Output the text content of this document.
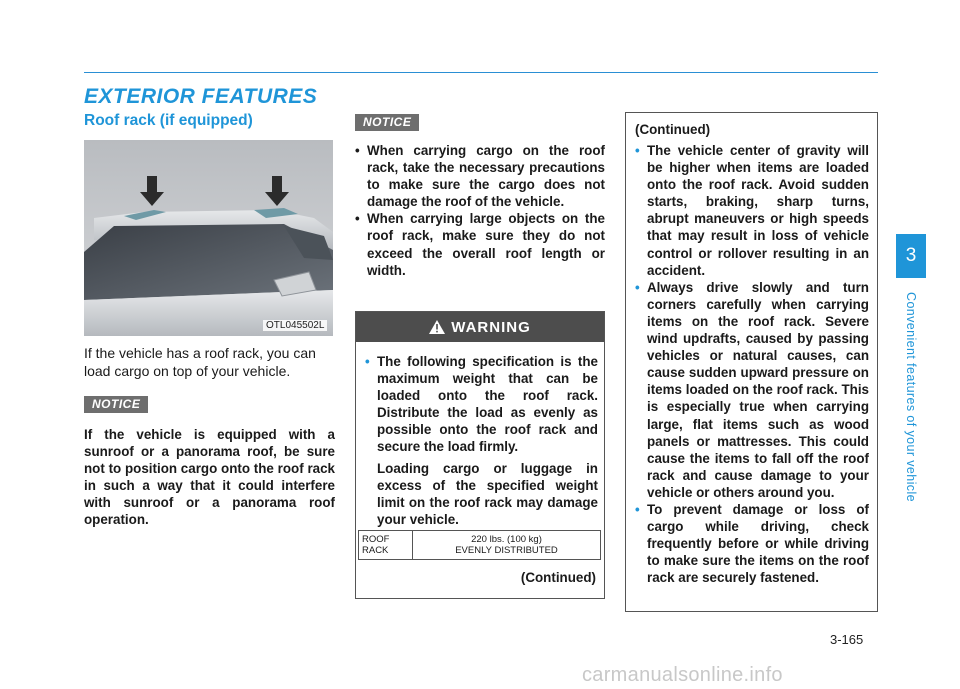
EXTERIOR FEATURES
Roof rack (if equipped)
OTL045502L
If the vehicle has a roof rack, you can load cargo on top of your vehicle.
NOTICE
If the vehicle is equipped with a sunroof or a panorama roof, be sure not to position cargo onto the roof rack in such a way that it could interfere with sunroof or a panorama roof operation.
NOTICE
• When carrying cargo on the roof rack, take the necessary precautions to make sure the cargo does not damage the roof of the vehicle.
• When carrying large objects on the roof rack, make sure they do not exceed the overall roof length or width.
WARNING
• The following specification is the maximum weight that can be loaded onto the roof rack. Distribute the load as evenly as possible onto the roof rack and secure the load firmly.
Loading cargo or luggage in excess of the specified weight limit on the roof rack may damage your vehicle.
ROOF
RACK
220 lbs. (100 kg)
EVENLY DISTRIBUTED
(Continued)
(Continued)
• The vehicle center of gravity will be higher when items are loaded onto the roof rack. Avoid sudden starts, braking, sharp turns, abrupt maneuvers or high speeds that may result in loss of vehicle control or rollover resulting in an accident.
• Always drive slowly and turn corners carefully when carrying items on the roof rack. Severe wind updrafts, caused by passing vehicles or natural causes, can cause sudden upward pressure on items loaded on the roof rack. This is especially true when carrying large, flat items such as wood panels or mattresses. This could cause the items to fall off the roof rack and cause damage to your vehicle or others around you.
• To prevent damage or loss of cargo while driving, check frequently before or while driving to make sure the items on the roof rack are securely fastened.
3
Convenient features of your vehicle
3-165
carmanualsonline.info
